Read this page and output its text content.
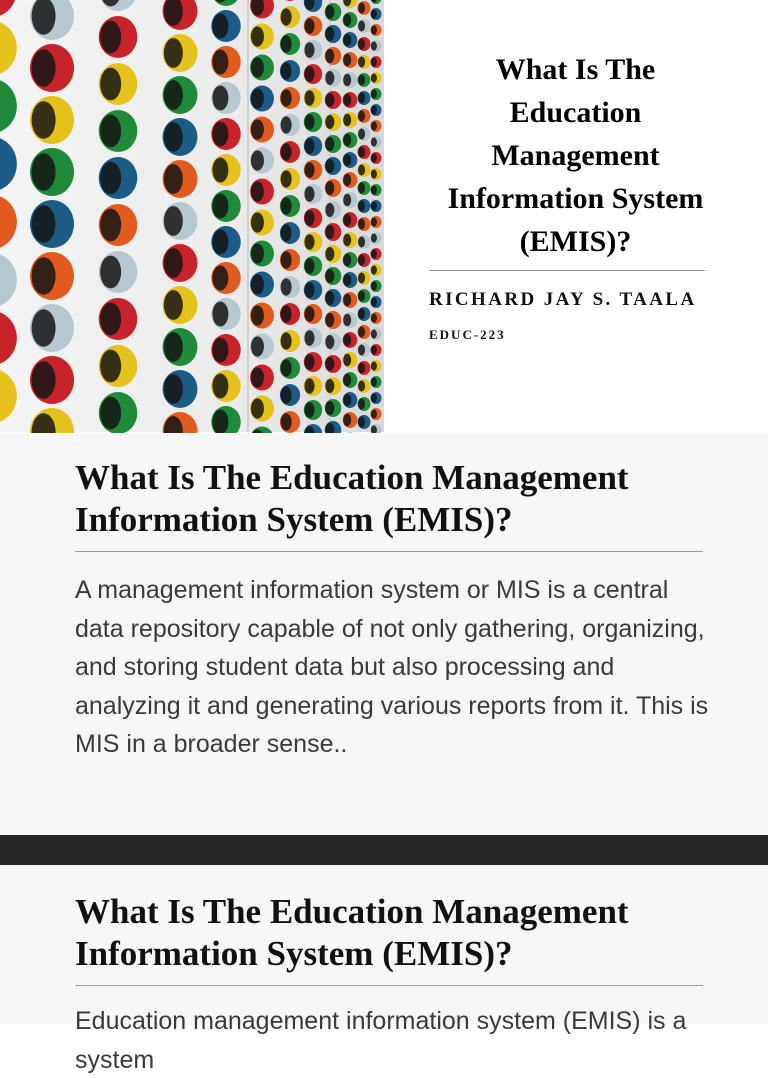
What Is The Education Management Information System (EMIS)?

RICHARD JAY S. TAALA

EDUC-223

What Is The Education Management Information System (EMIS)?

A management information system or MIS is a central data repository capable of not only gathering, organizing, and storing student data but also processing and analyzing it and generating various reports from it. This is MIS in a broader sense..

What Is The Education Management Information System (EMIS)?

Education management information system (EMIS) is a system
